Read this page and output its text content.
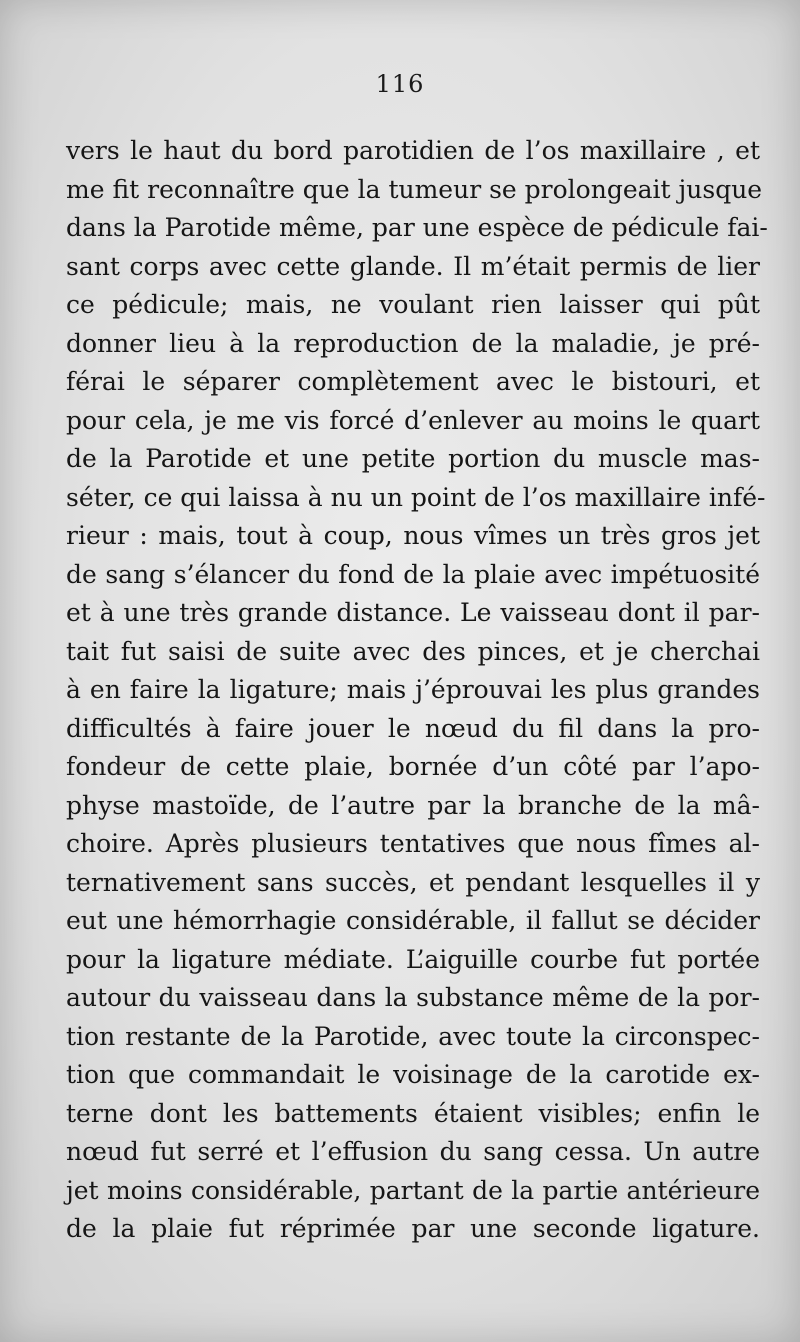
116
vers le haut du bord parotidien de l’os maxillaire , et
me fit reconnaître que la tumeur se prolongeait jusque
dans la Parotide même, par une espèce de pédicule fai-
sant corps avec cette glande. Il m’était permis de lier
ce pédicule; mais, ne voulant rien laisser qui pût
donner lieu à la reproduction de la maladie, je pré-
férai le séparer complètement avec le bistouri, et
pour cela, je me vis forcé d’enlever au moins le quart
de la Parotide et une petite portion du muscle mas-
séter, ce qui laissa à nu un point de l’os maxillaire infé-
rieur : mais, tout à coup, nous vîmes un très gros jet
de sang s’élancer du fond de la plaie avec impétuosité
et à une très grande distance. Le vaisseau dont il par-
tait fut saisi de suite avec des pinces, et je cherchai
à en faire la ligature; mais j’éprouvai les plus grandes
difficultés à faire jouer le nœud du fil dans la pro-
fondeur de cette plaie, bornée d’un côté par l’apo-
physe mastoïde, de l’autre par la branche de la mâ-
choire. Après plusieurs tentatives que nous fîmes al-
ternativement sans succès, et pendant lesquelles il y
eut une hémorrhagie considérable, il fallut se décider
pour la ligature médiate. L’aiguille courbe fut portée
autour du vaisseau dans la substance même de la por-
tion restante de la Parotide, avec toute la circonspec-
tion que commandait le voisinage de la carotide ex-
terne dont les battements étaient visibles; enfin le
nœud fut serré et l’effusion du sang cessa. Un autre
jet moins considérable, partant de la partie antérieure
de la plaie fut réprimée par une seconde ligature.
